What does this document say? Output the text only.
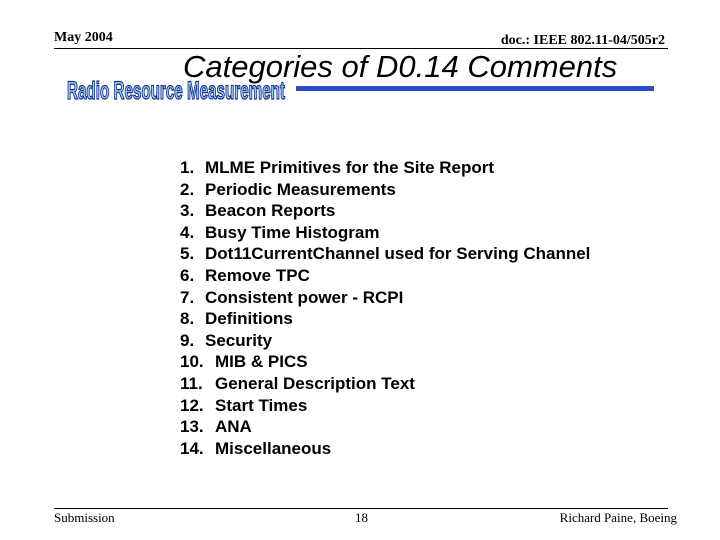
May 2004	doc.: IEEE 802.11-04/505r2
Radio Resource Measurement
Categories of D0.14 Comments
1. MLME Primitives for the Site Report
2. Periodic Measurements
3. Beacon Reports
4. Busy Time Histogram
5. Dot11CurrentChannel used for Serving Channel
6. Remove TPC
7. Consistent power - RCPI
8. Definitions
9. Security
10. MIB & PICS
11. General Description Text
12. Start Times
13. ANA
14. Miscellaneous
Submission	18	Richard Paine, Boeing
